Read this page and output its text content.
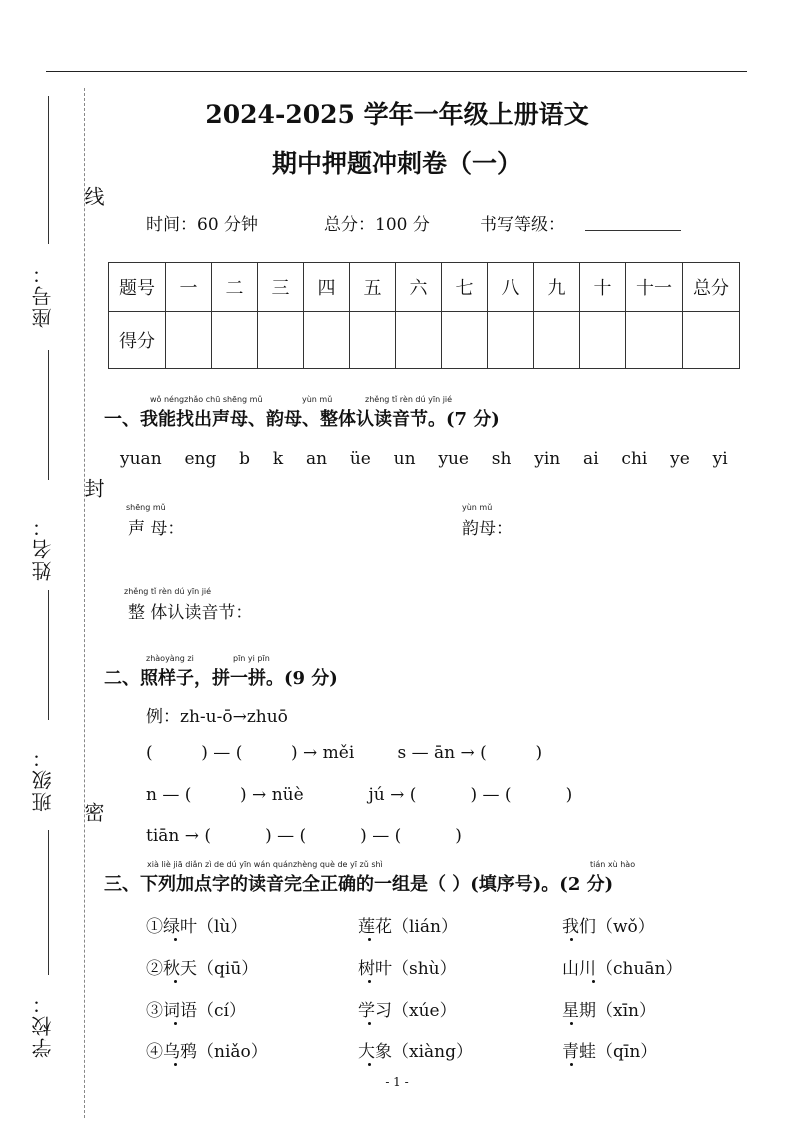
座号：
姓名：
班级：
学校：
线
封
密
2024-2025 学年一年级上册语文
期中押题冲刺卷（一）
时间：60 分钟	总分：100 分	书写等级：
题号	一	二	三	四	五	六	七	八	九	十	十一	总分
得分												
wǒ néngzhǎo chū shēng mǔ	yùn mǔ	zhěng tǐ rèn dú yīn jié
一、我能找出声母、韵母、整体认读音节。(7 分)
yuan  eng  b  k  an  üe  un  yue  sh  yin  ai  chi  ye  yi
shēng mǔ
声 母：
yùn mǔ
韵母：
zhěng tǐ rèn dú yīn jié
整 体认读音节：
zhàoyàng zi	pīn yi pīn
二、照样子，拼一拼。(9 分)
例：zh-u-ō→zhuō
(         ) — (         ) → měi        s — ān → (         )
n — (         ) → nüè            jú → (          ) — (          )
tiān → (          ) — (          ) — (          )
xià liè jiā diǎn zì de dú yīn wán quánzhèng què de yī zǔ shì	tián xù hào
三、下列加点字的读音完全正确的一组是（ ）(填序号)。(2 分)
①绿叶（lù）	莲花（lián）	我们（wǒ）
②秋天（qiū）	树叶（shù）	山川（chuān）
③词语（cí）	学习（xúe）	星期（xīn）
④乌鸦（niǎo）	大象（xiàng）	青蛙（qīn）
- 1 -
